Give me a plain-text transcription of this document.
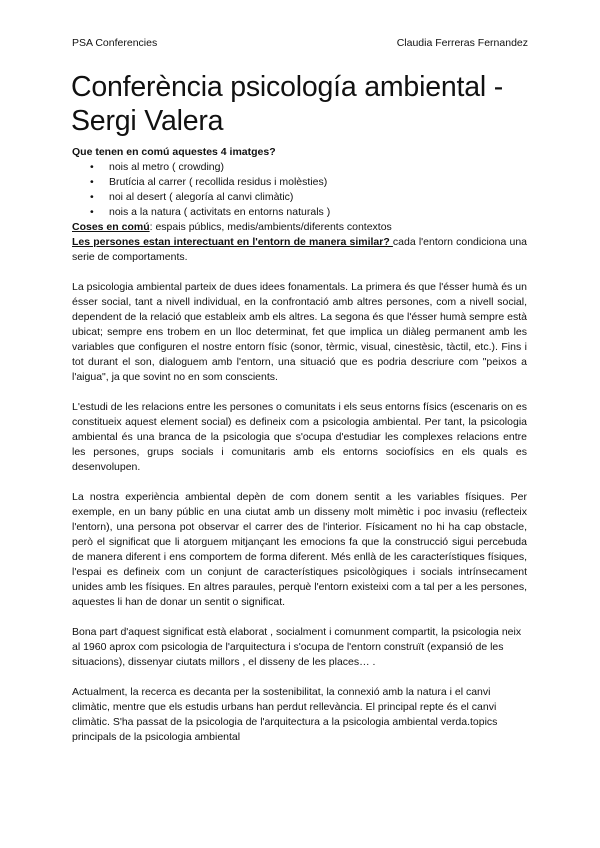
PSA Conferencies	Claudia Ferreras Fernandez
Conferència psicología ambiental - Sergi Valera

Que tenen en comú aquestes 4 imatges?

• nois al metro ( crowding)
• Brutícia al carrer ( recollida residus i molèsties)
• noi al desert ( alegoría al canvi climàtic)
• nois a la natura ( activitats en entorns naturals )

Coses en comú: espais públics, medis/ambients/diferents contextos

Les persones estan interectuant en l'entorn de manera similar? cada l'entorn condiciona una serie de comportaments.

La psicologia ambiental parteix de dues idees fonamentals. La primera és que l'ésser humà és un ésser social, tant a nivell individual, en la confrontació amb altres persones, com a nivell social, dependent de la relació que estableix amb els altres. La segona és que l'ésser humà sempre està ubicat; sempre ens trobem en un lloc determinat, fet que implica un diàleg permanent amb les variables que configuren el nostre entorn físic (sonor, tèrmic, visual, cinestèsic, tàctil, etc.). Fins i tot durant el son, dialoguem amb l'entorn, una situació que es podria descriure com "peixos a l'aigua", ja que sovint no en som conscients.

L'estudi de les relacions entre les persones o comunitats i els seus entorns físics (escenaris on es constitueix aquest element social) es defineix com a psicologia ambiental. Per tant, la psicologia ambiental és una branca de la psicologia que s'ocupa d'estudiar les complexes relacions entre les persones, grups socials i comunitaris amb els entorns sociofísics en els quals es desenvolupen.

La nostra experiència ambiental depèn de com donem sentit a les variables físiques. Per exemple, en un bany públic en una ciutat amb un disseny molt mimètic i poc invasiu (reflecteix l'entorn), una persona pot observar el carrer des de l'interior. Físicament no hi ha cap obstacle, però el significat que li atorguem mitjançant les emocions fa que la construcció sigui percebuda de manera diferent i ens comportem de forma diferent. Més enllà de les característiques físiques, l'espai es defineix com un conjunt de característiques psicològiques i socials intrínsecament unides amb les físiques. En altres paraules, perquè l'entorn existeixi com a tal per a les persones, aquestes li han de donar un sentit o significat.

Bona part d'aquest significat està elaborat , socialment i comunment compartit, la psicologia neix al 1960 aprox com psicologia de l'arquitectura i s'ocupa de l'entorn construït (expansió de les situacions), dissenyar ciutats millors , el disseny de les places… .

Actualment, la recerca es decanta per la sostenibilitat, la connexió amb la natura i el canvi climàtic, mentre que els estudis urbans han perdut rellevància. El principal repte és el canvi climàtic. S'ha passat de la psicologia de l'arquitectura a la psicologia ambiental verda.topics principals de la psicologia ambiental
